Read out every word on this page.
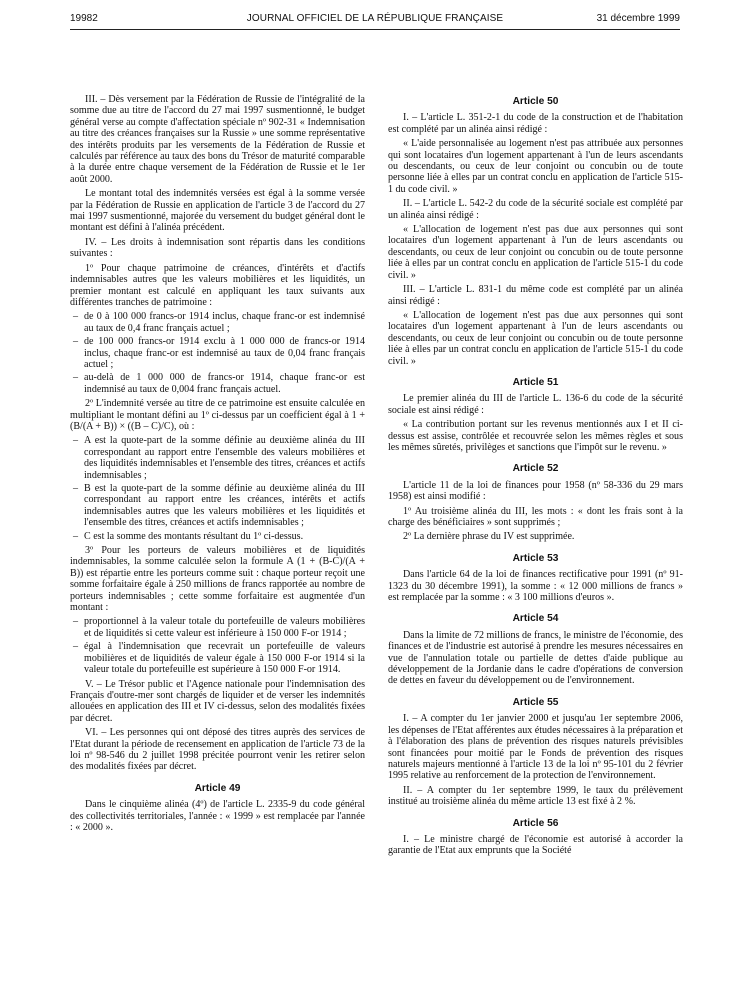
19982	JOURNAL OFFICIEL DE LA RÉPUBLIQUE FRANÇAISE	31 décembre 1999

III. – Dès versement par la Fédération de Russie de l'intégralité de la somme due au titre de l'accord du 27 mai 1997 susmentionné, le budget général verse au compte d'affectation spéciale nº 902-31 « Indemnisation au titre des créances françaises sur la Russie » une somme représentative des intérêts produits par les versements de la Fédération de Russie et calculés par référence au taux des bons du Trésor de maturité comparable à la durée entre chaque versement de la Fédération de Russie et le 1er août 2000.

Le montant total des indemnités versées est égal à la somme versée par la Fédération de Russie en application de l'article 3 de l'accord du 27 mai 1997 susmentionné, majorée du versement du budget général dont le montant est défini à l'alinéa précédent.

IV. – Les droits à indemnisation sont répartis dans les conditions suivantes :

1º Pour chaque patrimoine de créances, d'intérêts et d'actifs indemnisables autres que les valeurs mobilières et les liquidités, un premier montant est calculé en appliquant les taux suivants aux différentes tranches de patrimoine :

– de 0 à 100 000 francs-or 1914 inclus, chaque franc-or est indemnisé au taux de 0,4 franc français actuel ;
– de 100 000 francs-or 1914 exclu à 1 000 000 de francs-or 1914 inclus, chaque franc-or est indemnisé au taux de 0,04 franc français actuel ;
– au-delà de 1 000 000 de francs-or 1914, chaque franc-or est indemnisé au taux de 0,004 franc français actuel.

2º L'indemnité versée au titre de ce patrimoine est ensuite calculée en multipliant le montant défini au 1º ci-dessus par un coefficient égal à 1 + (B/(A + B)) × ((B – C)/C), où :

– A est la quote-part de la somme définie au deuxième alinéa du III correspondant au rapport entre l'ensemble des valeurs mobilières et des liquidités indemnisables et l'ensemble des titres, créances et actifs indemnisables ;
– B est la quote-part de la somme définie au deuxième alinéa du III correspondant au rapport entre les créances, intérêts et actifs indemnisables autres que les valeurs mobilières et les liquidités et l'ensemble des titres, créances et actifs indemnisables ;
– C est la somme des montants résultant du 1º ci-dessus.

3º Pour les porteurs de valeurs mobilières et de liquidités indemnisables, la somme calculée selon la formule A (1 + (B-C)/(A + B)) est répartie entre les porteurs comme suit : chaque porteur reçoit une somme forfaitaire égale à 250 millions de francs rapportée au nombre de porteurs indemnisables ; cette somme forfaitaire est augmentée d'un montant :

– proportionnel à la valeur totale du portefeuille de valeurs mobilières et de liquidités si cette valeur est inférieure à 150 000 F-or 1914 ;
– égal à l'indemnisation que recevrait un portefeuille de valeurs mobilières et de liquidités de valeur égale à 150 000 F-or 1914 si la valeur totale du portefeuille est supérieure à 150 000 F-or 1914.

V. – Le Trésor public et l'Agence nationale pour l'indemnisation des Français d'outre-mer sont chargés de liquider et de verser les indemnités allouées en application des III et IV ci-dessus, selon des modalités fixées par décret.

VI. – Les personnes qui ont déposé des titres auprès des services de l'Etat durant la période de recensement en application de l'article 73 de la loi nº 98-546 du 2 juillet 1998 précitée pourront venir les retirer selon des modalités fixées par décret.

Article 49

Dans le cinquième alinéa (4º) de l'article L. 2335-9 du code général des collectivités territoriales, l'année : « 1999 » est remplacée par l'année : « 2000 ».

Article 50

I. – L'article L. 351-2-1 du code de la construction et de l'habitation est complété par un alinéa ainsi rédigé :

« L'aide personnalisée au logement n'est pas attribuée aux personnes qui sont locataires d'un logement appartenant à l'un de leurs ascendants ou descendants, ou ceux de leur conjoint ou concubin ou de toute personne liée à elles par un contrat conclu en application de l'article 515-1 du code civil. »

II. – L'article L. 542-2 du code de la sécurité sociale est complété par un alinéa ainsi rédigé :

« L'allocation de logement n'est pas due aux personnes qui sont locataires d'un logement appartenant à l'un de leurs ascendants ou descendants, ou ceux de leur conjoint ou concubin ou de toute personne liée à elles par un contrat conclu en application de l'article 515-1 du code civil. »

III. – L'article L. 831-1 du même code est complété par un alinéa ainsi rédigé :

« L'allocation de logement n'est pas due aux personnes qui sont locataires d'un logement appartenant à l'un de leurs ascendants ou descendants, ou ceux de leur conjoint ou concubin ou de toute personne liée à elles par un contrat conclu en application de l'article 515-1 du code civil. »

Article 51

Le premier alinéa du III de l'article L. 136-6 du code de la sécurité sociale est ainsi rédigé :

« La contribution portant sur les revenus mentionnés aux I et II ci-dessus est assise, contrôlée et recouvrée selon les mêmes règles et sous les mêmes sûretés, privilèges et sanctions que l'impôt sur le revenu. »

Article 52

L'article 11 de la loi de finances pour 1958 (nº 58-336 du 29 mars 1958) est ainsi modifié :

1º Au troisième alinéa du III, les mots : « dont les frais sont à la charge des bénéficiaires » sont supprimés ;

2º La dernière phrase du IV est supprimée.

Article 53

Dans l'article 64 de la loi de finances rectificative pour 1991 (nº 91-1323 du 30 décembre 1991), la somme : « 12 000 millions de francs » est remplacée par la somme : « 3 100 millions d'euros ».

Article 54

Dans la limite de 72 millions de francs, le ministre de l'économie, des finances et de l'industrie est autorisé à prendre les mesures nécessaires en vue de l'annulation totale ou partielle de dettes d'aide publique au développement de la Jordanie dans le cadre d'opérations de conversion de dettes en faveur du développement ou de l'environnement.

Article 55

I. – A compter du 1er janvier 2000 et jusqu'au 1er septembre 2006, les dépenses de l'Etat afférentes aux études nécessaires à la préparation et à l'élaboration des plans de prévention des risques naturels prévisibles sont financées pour moitié par le Fonds de prévention des risques naturels majeurs mentionné à l'article 13 de la loi nº 95-101 du 2 février 1995 relative au renforcement de la protection de l'environnement.

II. – A compter du 1er septembre 1999, le taux du prélèvement institué au troisième alinéa du même article 13 est fixé à 2 %.

Article 56

I. – Le ministre chargé de l'économie est autorisé à accorder la garantie de l'Etat aux emprunts que la Société
